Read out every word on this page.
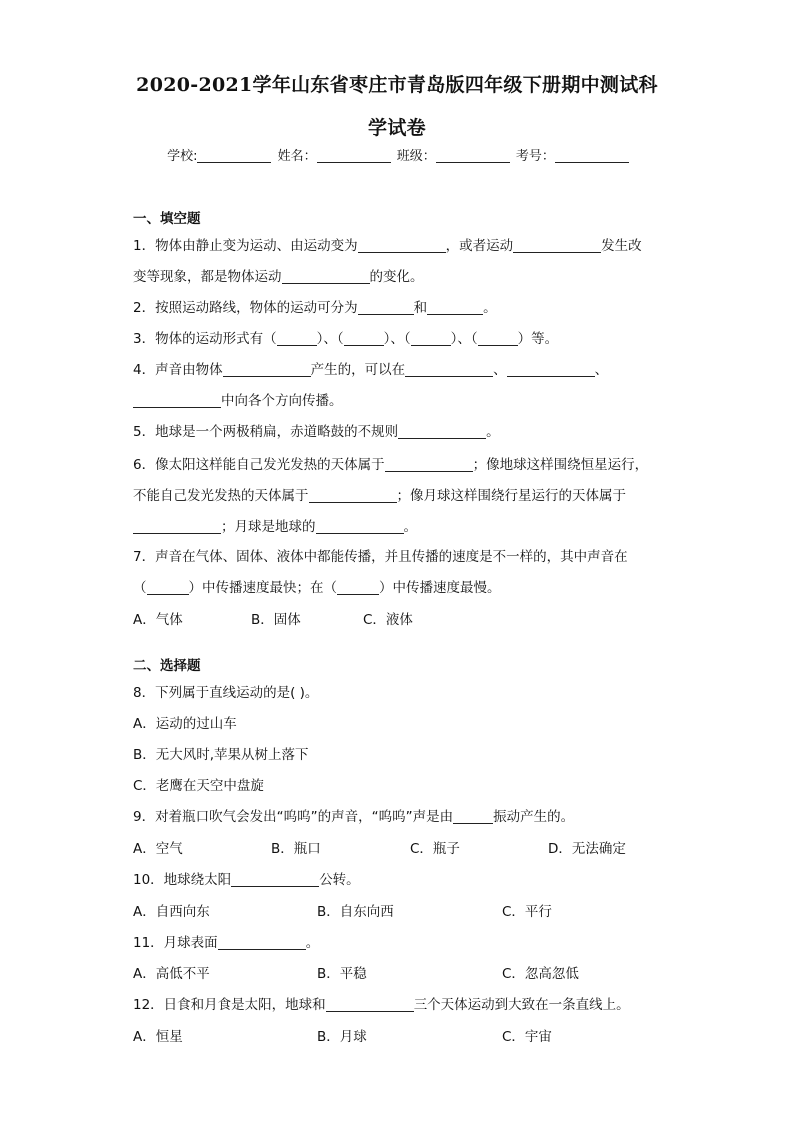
2020-2021学年山东省枣庄市青岛版四年级下册期中测试科
学试卷
学校:	姓名：	班级：	考号：
一、填空题
1．物体由静止变为运动、由运动变为	，或者运动	发生改
变等现象，都是物体运动	的变化。
2．按照运动路线，物体的运动可分为	和	。
3．物体的运动形式有（	）、（	）、（	）、（	）等。
4．声音由物体	产生的，可以在	、	、
中向各个方向传播。
5．地球是一个两极稍扁，赤道略鼓的不规则	。
6．像太阳这样能自己发光发热的天体属于	；像地球这样围绕恒星运行，
不能自己发光发热的天体属于	；像月球这样围绕行星运行的天体属于
；月球是地球的	。
7．声音在气体、固体、液体中都能传播，并且传播的速度是不一样的，其中声音在
（	）中传播速度最快；在（	）中传播速度最慢。
A．气体	B．固体	C．液体
二、选择题
8．下列属于直线运动的是( )。
A．运动的过山车
B．无大风时,苹果从树上落下
C．老鹰在天空中盘旋
9．对着瓶口吹气会发出“呜呜”的声音，“呜呜”声是由	振动产生的。
A．空气	B．瓶口	C．瓶子	D．无法确定
10．地球绕太阳	公转。
A．自西向东	B．自东向西	C．平行
11．月球表面	。
A．高低不平	B．平稳	C．忽高忽低
12．日食和月食是太阳，地球和	三个天体运动到大致在一条直线上。
A．恒星	B．月球	C．宇宙
